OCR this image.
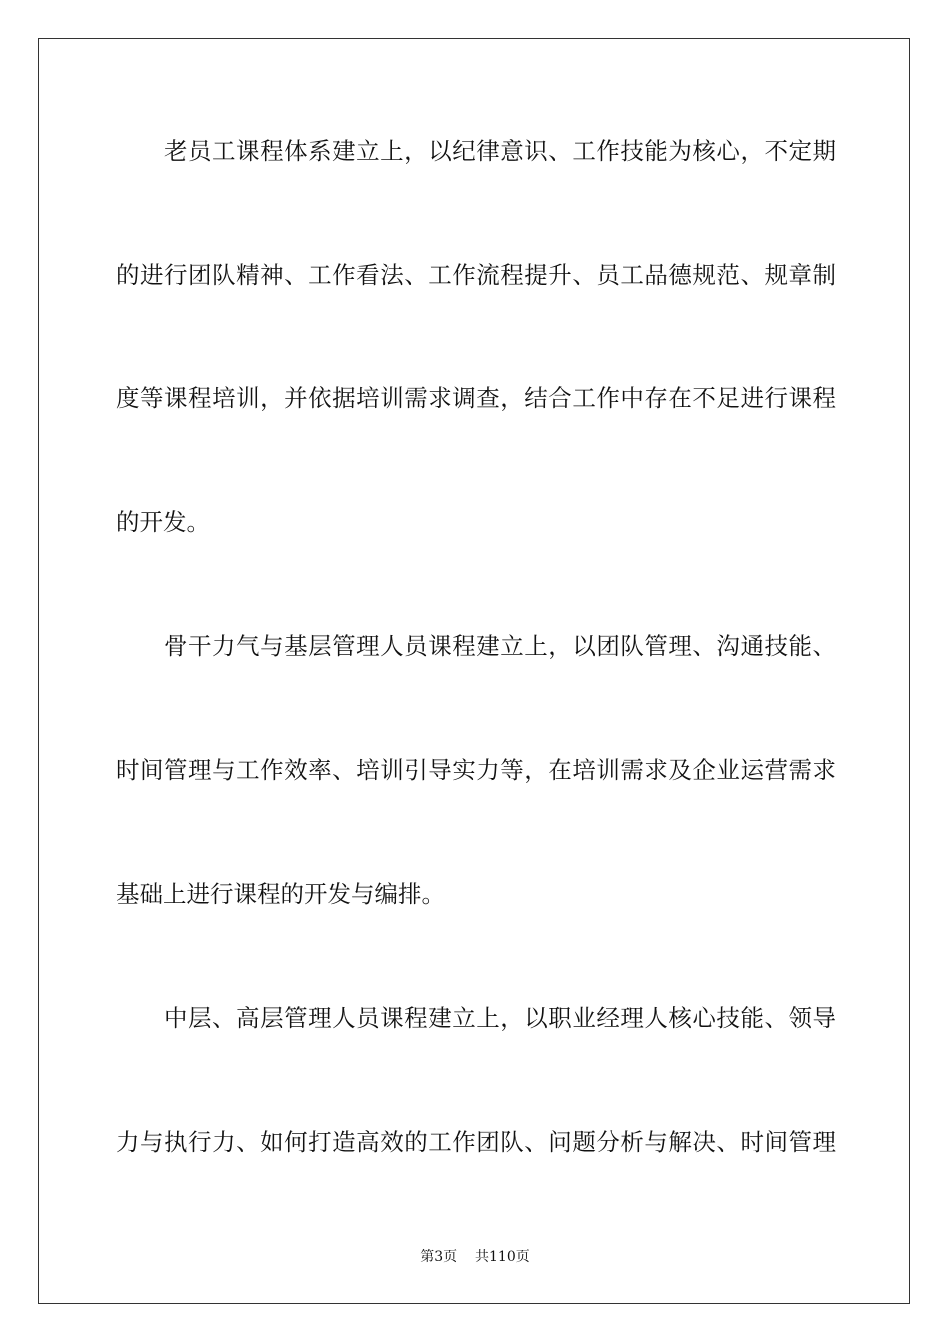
老员工课程体系建立上，以纪律意识、工作技能为核心，不定期
的进行团队精神、工作看法、工作流程提升、员工品德规范、规章制
度等课程培训，并依据培训需求调查，结合工作中存在不足进行课程
的开发。
骨干力气与基层管理人员课程建立上，以团队管理、沟通技能、
时间管理与工作效率、培训引导实力等，在培训需求及企业运营需求
基础上进行课程的开发与编排。
中层、高层管理人员课程建立上，以职业经理人核心技能、领导
力与执行力、如何打造高效的工作团队、问题分析与解决、时间管理
第3页 共110页
